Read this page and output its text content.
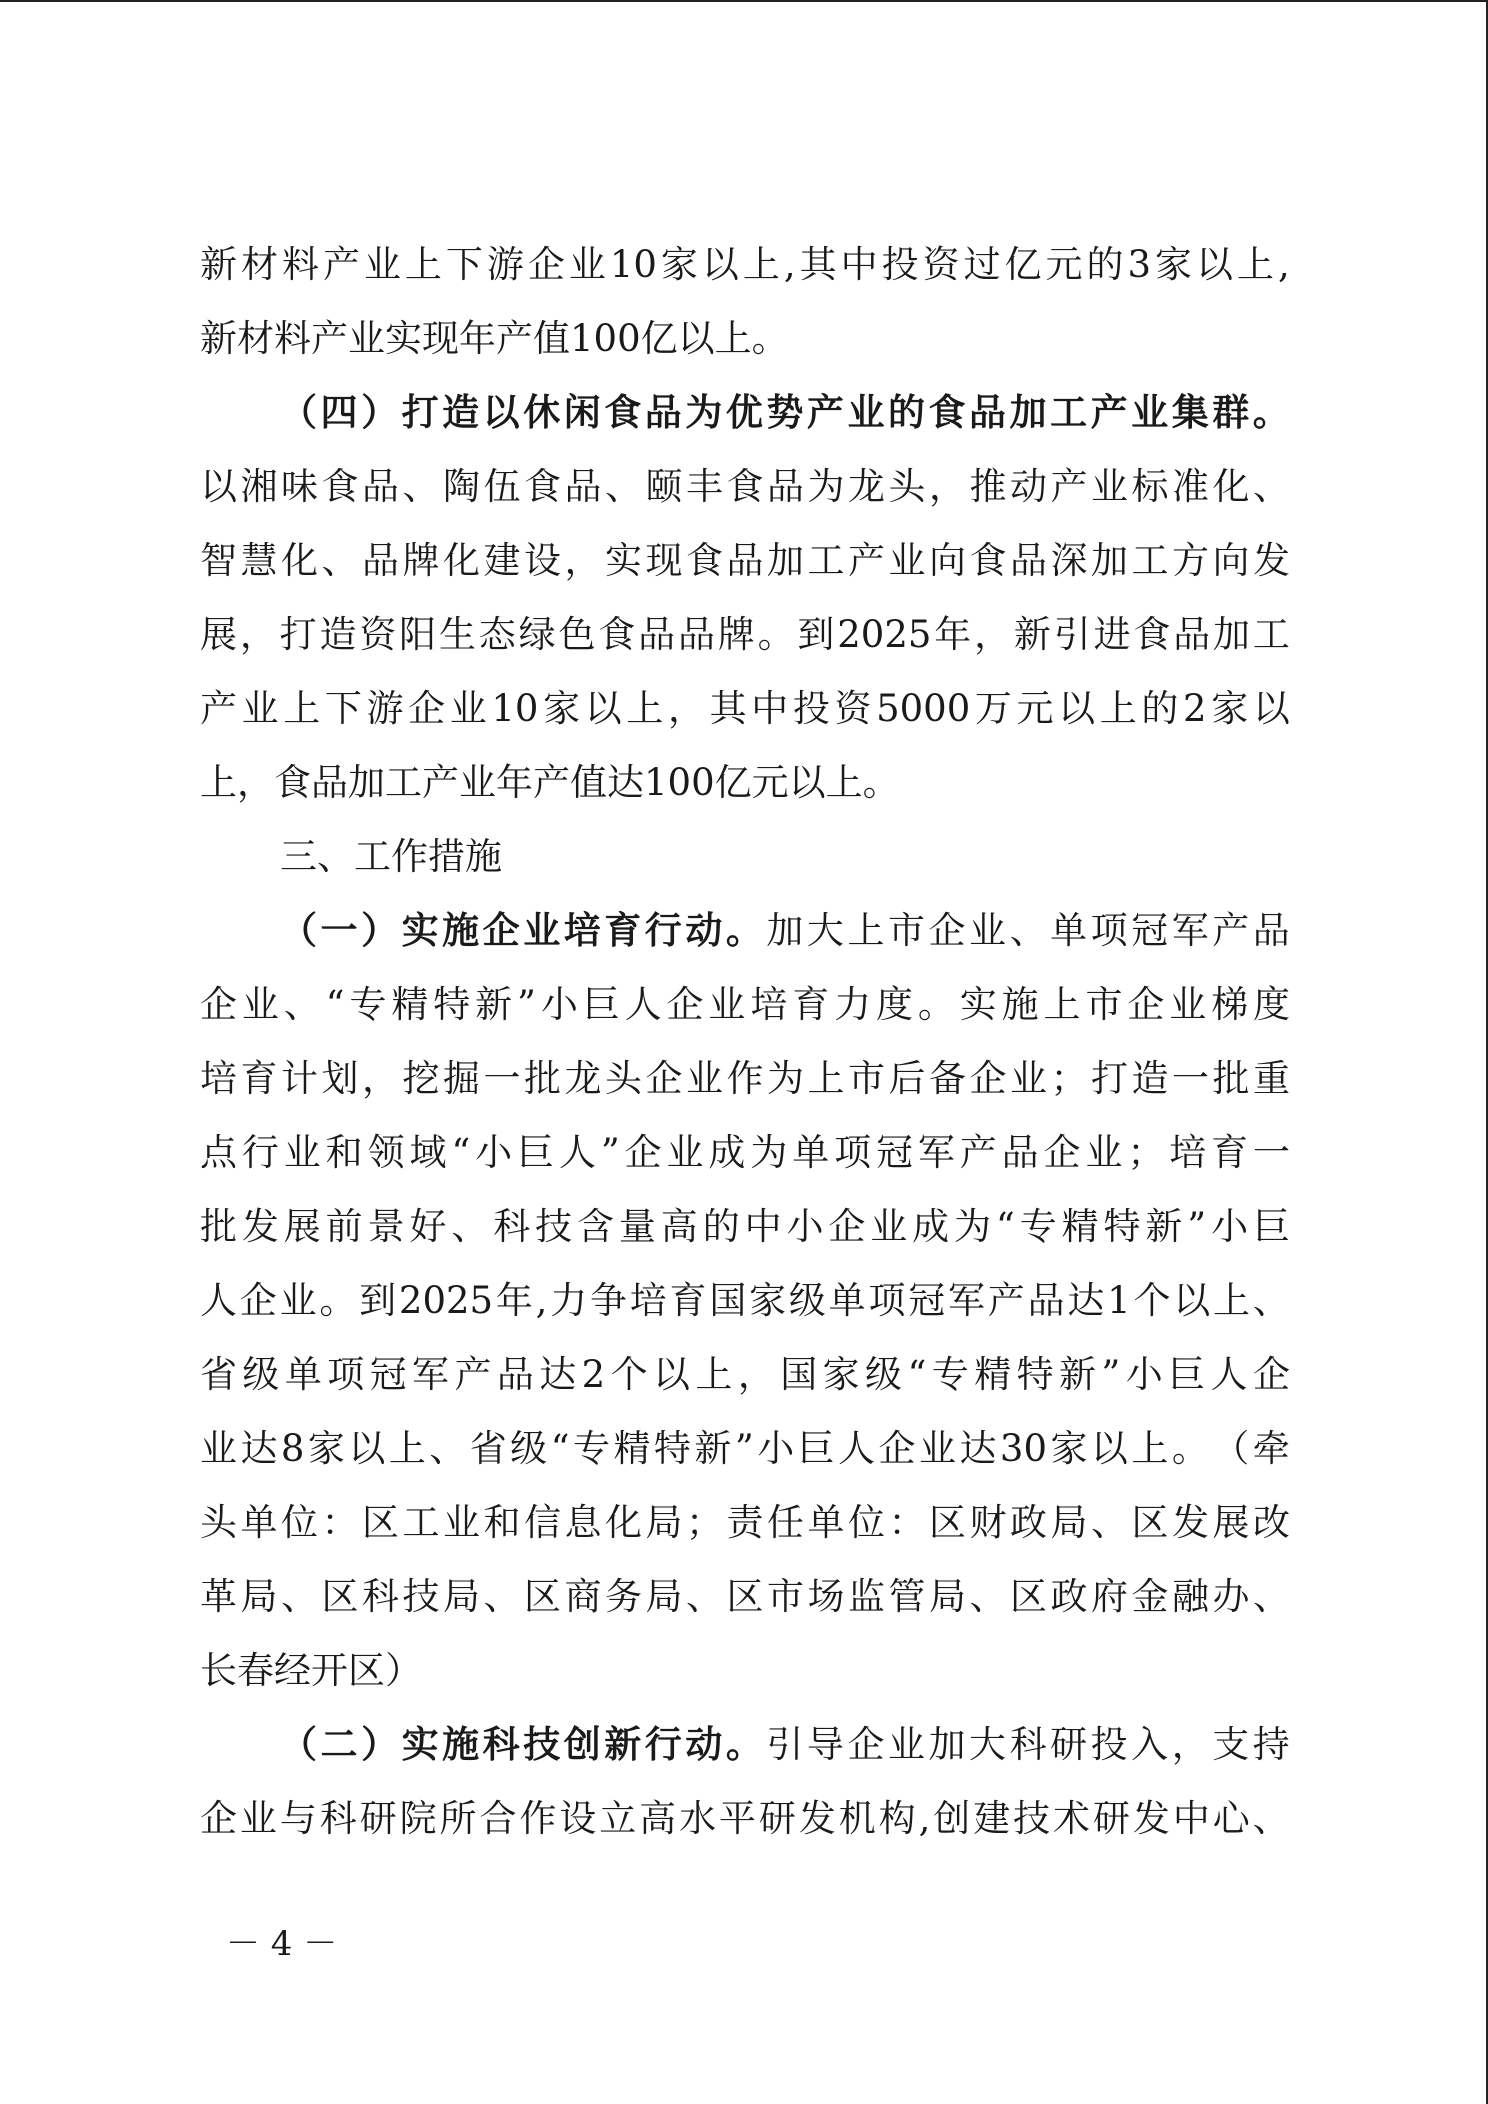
新 材 料 产 业 上 下 游 企 业 10 家 以 上 , 其 中 投 资 过 亿 元 的 3 家 以 上 ,
新 材 料 产 业 实 现 年 产 值 100 亿 以 上 。
（ 四 ） 打 造 以 休 闲 食 品 为 优 势 产 业 的 食 品 加 工 产 业 集 群 。
以 湘 味 食 品 、 陶 伍 食 品 、 颐 丰 食 品 为 龙 头 ， 推 动 产 业 标 准 化 、
智 慧 化 、 品 牌 化 建 设 ， 实 现 食 品 加 工 产 业 向 食 品 深 加 工 方 向 发
展 ， 打 造 资 阳 生 态 绿 色 食 品 品 牌 。 到 2025 年 ， 新 引 进 食 品 加 工
产 业 上 下 游 企 业 10 家 以 上 ， 其 中 投 资 5000 万 元 以 上 的 2 家 以
上 ， 食 品 加 工 产 业 年 产 值 达 100 亿 元 以 上 。
三、工作措施
（ 一 ） 实 施 企 业 培 育 行 动 。 加 大 上 市 企 业 、 单 项 冠 军 产 品
企 业 、 “ 专 精 特 新 ” 小 巨 人 企 业 培 育 力 度 。 实 施 上 市 企 业 梯 度
培 育 计 划 ， 挖 掘 一 批 龙 头 企 业 作 为 上 市 后 备 企 业 ； 打 造 一 批 重
点 行 业 和 领 域 “ 小 巨 人 ” 企 业 成 为 单 项 冠 军 产 品 企 业 ； 培 育 一
批 发 展 前 景 好 、 科 技 含 量 高 的 中 小 企 业 成 为 “ 专 精 特 新 ” 小 巨
人 企 业 。 到 2025 年 , 力 争 培 育 国 家 级 单 项 冠 军 产 品 达 1 个 以 上 、
省 级 单 项 冠 军 产 品 达 2 个 以 上 ， 国 家 级 “ 专 精 特 新 ” 小 巨 人 企
业 达 8 家 以 上 、 省 级 “ 专 精 特 新 ” 小 巨 人 企 业 达 30 家 以 上 。 （ 牵
头 单 位 ： 区 工 业 和 信 息 化 局 ； 责 任 单 位 ： 区 财 政 局 、 区 发 展 改
革 局 、 区 科 技 局 、 区 商 务 局 、 区 市 场 监 管 局 、 区 政 府 金 融 办 、
长 春 经 开 区 ）
（ 二 ） 实 施 科 技 创 新 行 动 。 引 导 企 业 加 大 科 研 投 入 ， 支 持
企 业 与 科 研 院 所 合 作 设 立 高 水 平 研 发 机 构 , 创 建 技 术 研 发 中 心 、
－ 4 －
